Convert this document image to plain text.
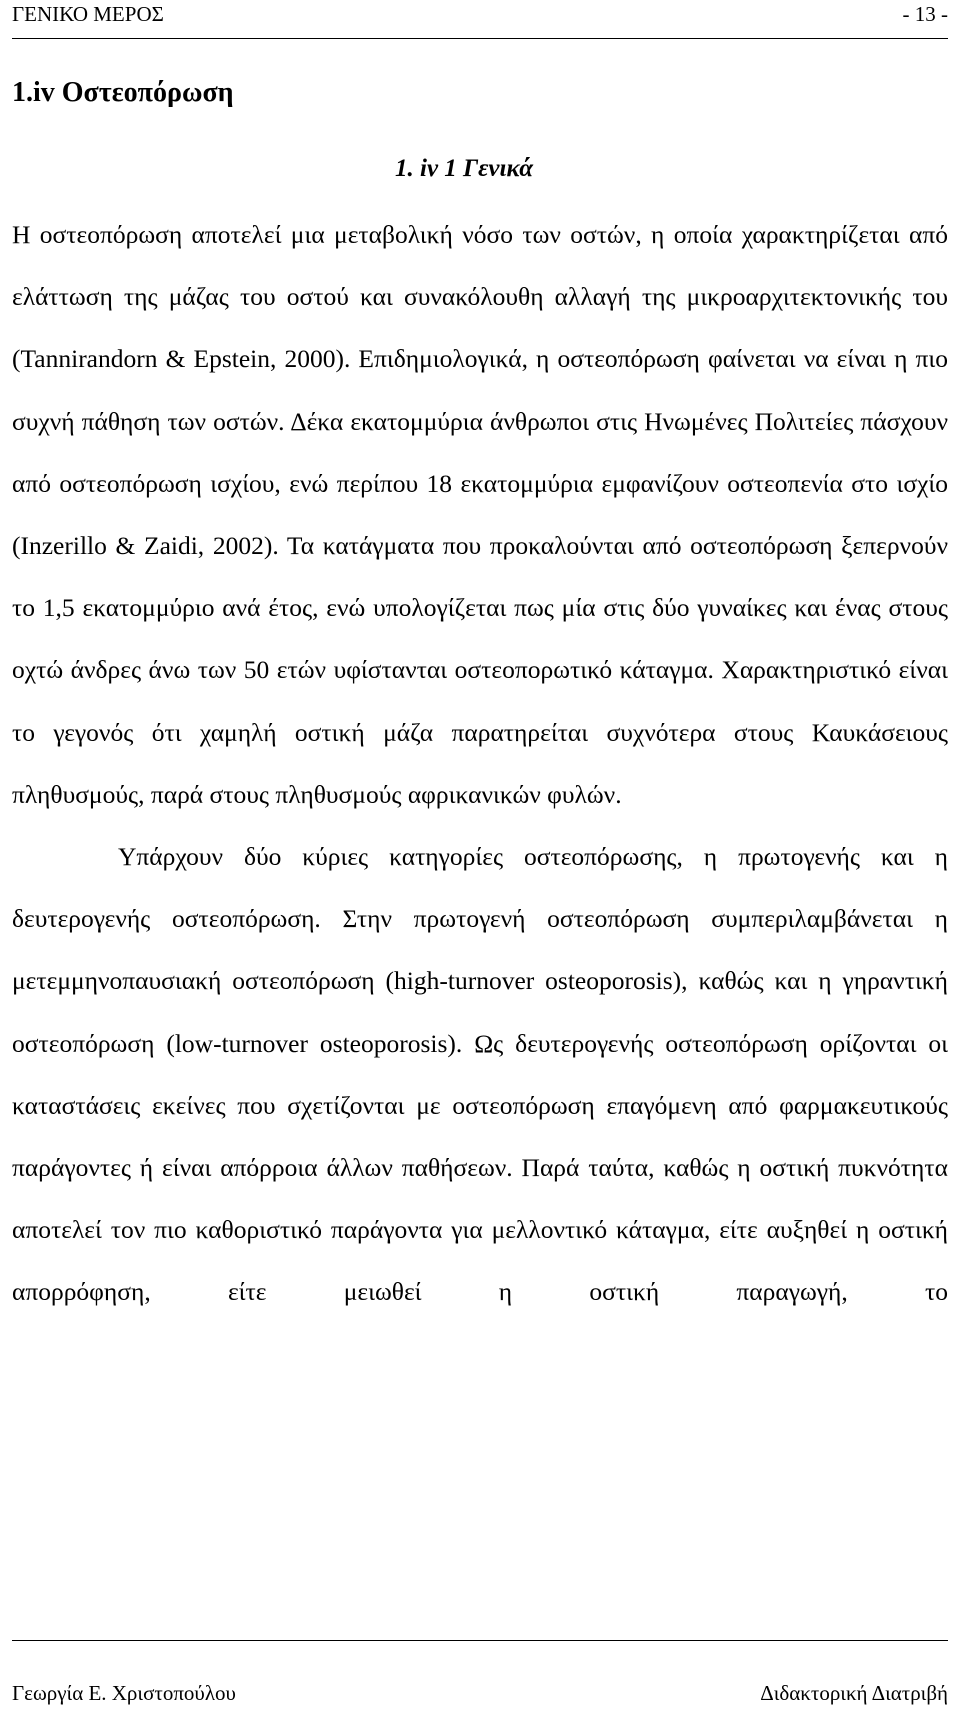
ΓΕΝΙΚΟ ΜΕΡΟΣ	- 13 -
1.iv Οστεοπόρωση
1. iv 1 Γενικά

Η οστεοπόρωση αποτελεί μια μεταβολική νόσο των οστών, η οποία χαρακτηρίζεται από ελάττωση της μάζας του οστού και συνακόλουθη αλλαγή της μικροαρχιτεκτονικής του (Tannirandorn & Epstein, 2000). Επιδημιολογικά, η οστεοπόρωση φαίνεται να είναι η πιο συχνή πάθηση των οστών. Δέκα εκατομμύρια άνθρωποι στις Ηνωμένες Πολιτείες πάσχουν από οστεοπόρωση ισχίου, ενώ περίπου 18 εκατομμύρια εμφανίζουν οστεοπενία στο ισχίο (Inzerillo & Zaidi, 2002). Τα κατάγματα που προκαλούνται από οστεοπόρωση ξεπερνούν το 1,5 εκατομμύριο ανά έτος, ενώ υπολογίζεται πως μία στις δύο γυναίκες και ένας στους οχτώ άνδρες άνω των 50 ετών υφίστανται οστεοπορωτικό κάταγμα. Χαρακτηριστικό είναι το γεγονός ότι χαμηλή οστική μάζα παρατηρείται συχνότερα στους Καυκάσειους πληθυσμούς, παρά στους πληθυσμούς αφρικανικών φυλών.

Υπάρχουν δύο κύριες κατηγορίες οστεοπόρωσης, η πρωτογενής και η δευτερογενής οστεοπόρωση. Στην πρωτογενή οστεοπόρωση συμπεριλαμβάνεται η μετεμμηνοπαυσιακή οστεοπόρωση (high-turnover osteoporosis), καθώς και η γηραντική οστεοπόρωση (low-turnover osteoporosis). Ως δευτερογενής οστεοπόρωση ορίζονται οι καταστάσεις εκείνες που σχετίζονται με οστεοπόρωση επαγόμενη από φαρμακευτικούς παράγοντες ή είναι απόρροια άλλων παθήσεων. Παρά ταύτα, καθώς η οστική πυκνότητα αποτελεί τον πιο καθοριστικό παράγοντα για μελλοντικό κάταγμα, είτε αυξηθεί η οστική απορρόφηση, είτε μειωθεί η οστική παραγωγή, το

Γεωργία Ε. Χριστοπούλου	Διδακτορική Διατριβή
